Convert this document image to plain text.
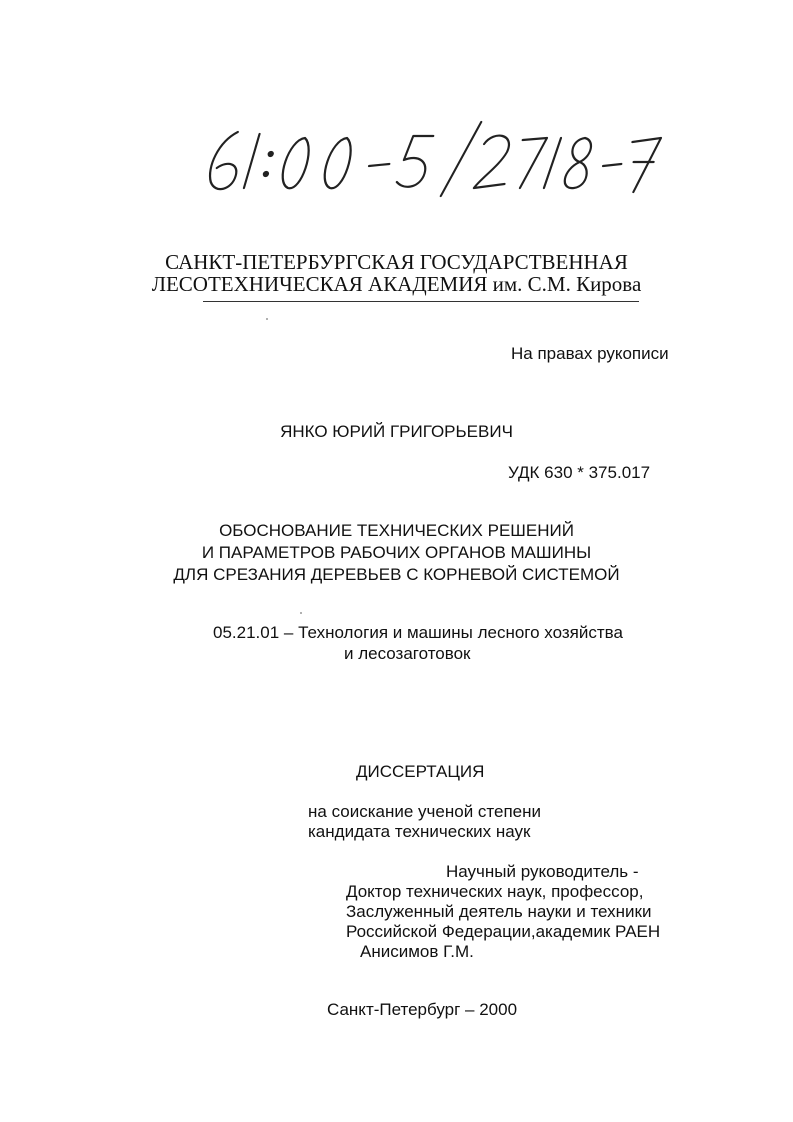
САНКТ-ПЕТЕРБУРГСКАЯ ГОСУДАРСТВЕННАЯ
ЛЕСОТЕХНИЧЕСКАЯ АКАДЕМИЯ им. С.М. Кирова
На правах рукописи
ЯНКО ЮРИЙ ГРИГОРЬЕВИЧ
УДК 630 * 375.017
ОБОСНОВАНИЕ ТЕХНИЧЕСКИХ РЕШЕНИЙ
И ПАРАМЕТРОВ РАБОЧИХ ОРГАНОВ МАШИНЫ
ДЛЯ СРЕЗАНИЯ ДЕРЕВЬЕВ С КОРНЕВОЙ СИСТЕМОЙ
05.21.01 – Технология и машины лесного хозяйства
и лесозаготовок
ДИССЕРТАЦИЯ
на соискание ученой степени
кандидата технических наук
Научный руководитель -
Доктор технических наук, профессор,
Заслуженный деятель науки и техники
Российской Федерации,академик РАЕН
Анисимов Г.М.
Санкт-Петербург – 2000
